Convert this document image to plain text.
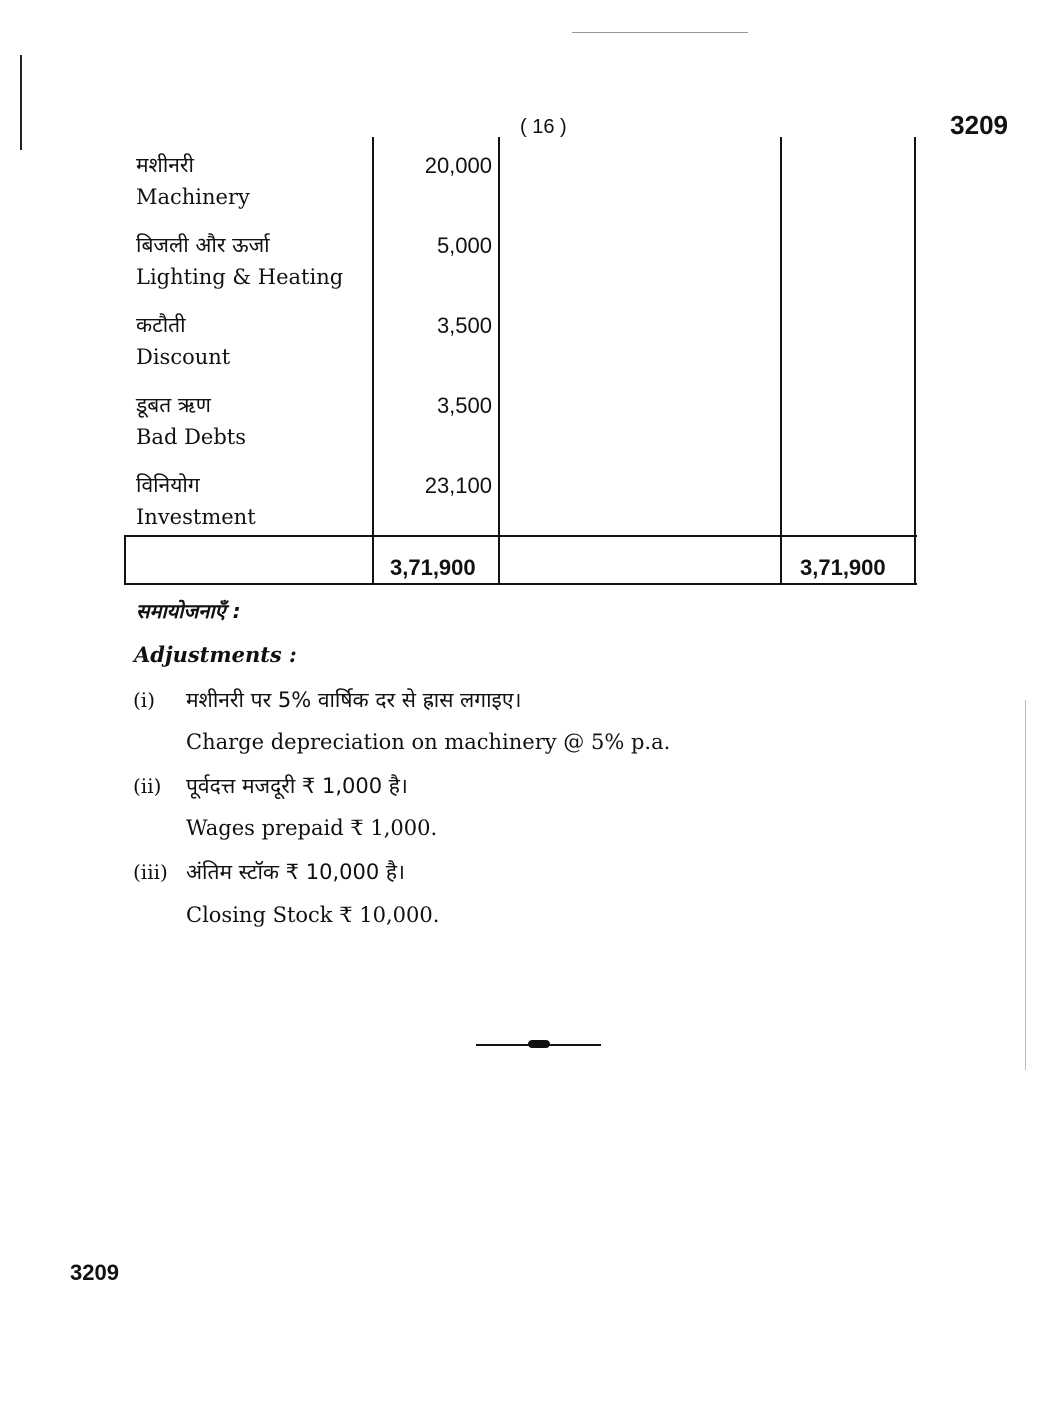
( 16 )	3209
मशीनरी
Machinery
20,000
बिजली और ऊर्जा
Lighting & Heating
5,000
कटौती
Discount
3,500
डूबत ऋण
Bad Debts
3,500
विनियोग
Investment
23,100
3,71,900	3,71,900
समायोजनाएँ :
Adjustments :
(i) मशीनरी पर 5% वार्षिक दर से ह्रास लगाइए।
Charge depreciation on machinery @ 5% p.a.
(ii) पूर्वदत्त मजदूरी ₹ 1,000 है।
Wages prepaid ₹ 1,000.
(iii) अंतिम स्टॉक ₹ 10,000 है।
Closing Stock ₹ 10,000.
3209
